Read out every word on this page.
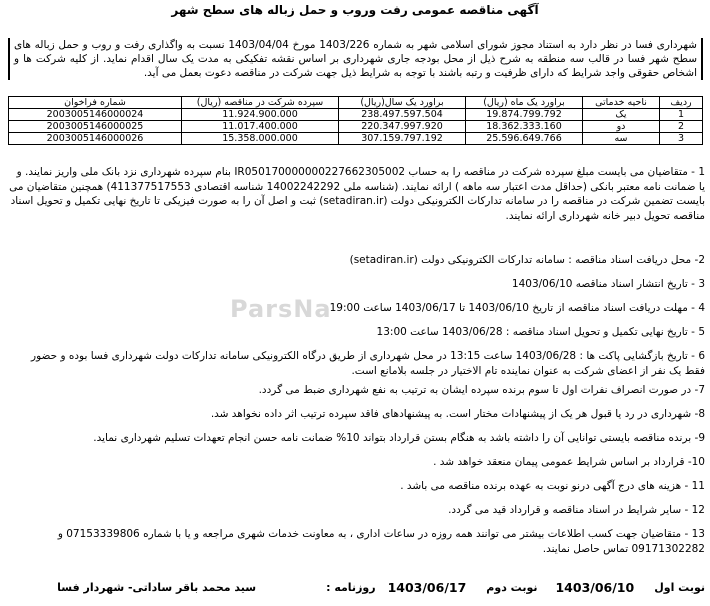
آگهی مناقصه عمومی رفت وروب و حمل زباله های سطح شهر
شهرداری فسا در نظر دارد به استناد مجوز شورای اسلامی شهر به شماره 1403/226 مورخ 1403/04/04 نسبت به واگذاری رفت و روب و حمل زباله های سطح شهر فسا در قالب سه منطقه به شرح ذیل از محل بودجه جاری شهرداری بر اساس نقشه تفکیکی به مدت یک سال اقدام نماید. از کلیه شرکت ها و اشخاص حقوقی واجد شرایط که دارای ظرفیت و رتبه باشند با توجه به شرایط ذیل جهت شرکت در مناقصه دعوت بعمل می آید.
ردیف	ناحیه خدماتی	برآورد یک ماه (ریال)	برآورد یک سال(ریال)	سپرده شرکت در مناقصه (ریال)	شماره فراخوان
1	یک	19.874.799.792	238.497.597.504	11.924.900.000	2003005146000024
2	دو	18.362.333.160	220.347.997.920	11.017.400.000	2003005146000025
3	سه	25.596.649.766	307.159.797.192	15.358.000.000	2003005146000026
ParsNa
1 - متقاضیان می بایست مبلغ سپرده شرکت در مناقصه را به حساب IR050170000000227662305002 بنام سپرده شهرداری نزد بانک ملی واریز نمایند. و یا ضمانت نامه معتبر بانکی (حداقل مدت اعتبار سه ماهه ) ارائه نمایند. (شناسه ملی 14002242292 شناسه اقتصادی 411377517553) همچنین متقاضیان می بایست تضمین شرکت در مناقصه را در سامانه تدارکات الکترونیکی دولت (setadiran.ir) ثبت و اصل آن را به صورت فیزیکی تا تاریخ نهایی تکمیل و تحویل اسناد مناقصه تحویل دبیر خانه شهرداری ارائه نمایند.
2- محل دریافت اسناد مناقصه : سامانه تدارکات الکترونیکی دولت (setadiran.ir)
3 - تاریخ انتشار اسناد مناقصه 1403/06/10
4 - مهلت دریافت اسناد مناقصه از تاریخ 1403/06/10 تا 1403/06/17 ساعت 19:00
5 - تاریخ نهایی تکمیل و تحویل اسناد مناقصه : 1403/06/28 ساعت 13:00
6 - تاریخ بازگشایی پاکت ها : 1403/06/28 ساعت 13:15 در محل شهرداری از طریق درگاه الکترونیکی سامانه تدارکات دولت شهرداری فسا بوده و حضور فقط یک نفر از اعضای شرکت به عنوان نماینده تام الاختیار در جلسه بلامانع است.
7- در صورت انصراف نفرات اول تا سوم برنده سپرده ایشان به ترتیب به نفع شهرداری ضبط می گردد.
8- شهرداری در رد یا قبول هر یک از پیشنهادات مختار است. به پیشنهادهای فاقد سپرده ترتیب اثر داده نخواهد شد.
9- برنده مناقصه بایستی توانایی آن را داشته باشد به هنگام بستن قرارداد بتواند 10% ضمانت نامه حسن انجام تعهدات تسلیم شهرداری نماید.
10- قرارداد بر اساس شرایط عمومی پیمان منعقد خواهد شد .
11 - هزینه های درج آگهی درنو نوبت به عهده برنده مناقصه می باشد .
12 - سایر شرایط در اسناد مناقصه و قرارداد قید می گردد.
13 - متقاضیان جهت کسب اطلاعات بیشتر می توانند همه روزه در ساعات اداری ، به معاونت خدمات شهری مراجعه و یا با شماره 07153339806 و 09171302282 تماس حاصل نمایند.
نوبت اول
1403/06/10
نوبت دوم
1403/06/17
روزنامه :
سید محمد باقر ساداتی- شهردار فسا
